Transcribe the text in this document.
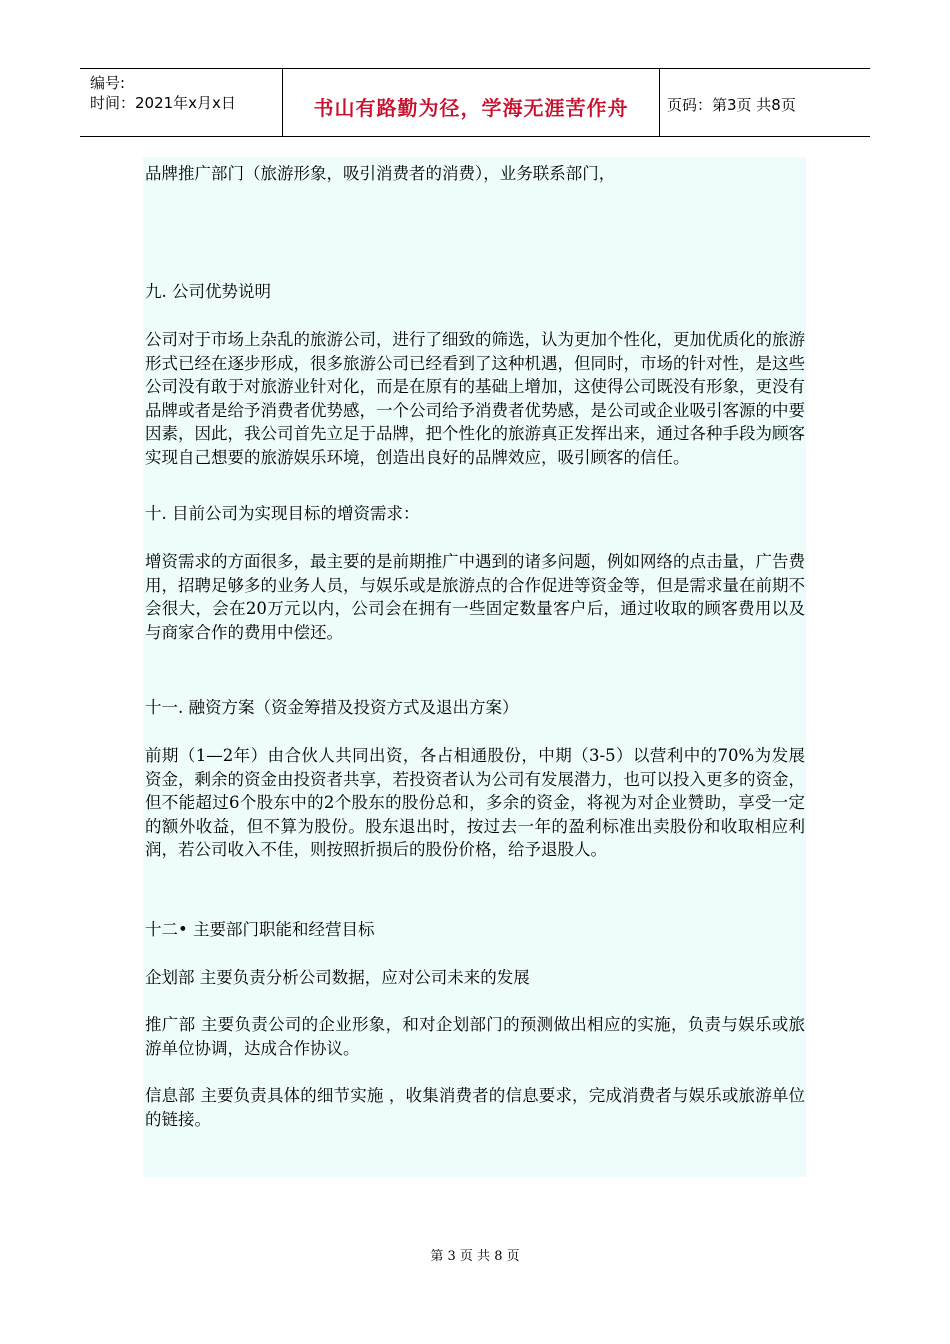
编号:
时间：2021年x月x日	书山有路勤为径，学海无涯苦作舟	页码：第3页 共8页

品牌推广部门（旅游形象，吸引消费者的消费），业务联系部门，

九. 公司优势说明

公司对于市场上杂乱的旅游公司，进行了细致的筛选，认为更加个性化，更加优质化的旅游形式已经在逐步形成，很多旅游公司已经看到了这种机遇，但同时，市场的针对性，是这些公司没有敢于对旅游业针对化，而是在原有的基础上增加，这使得公司既没有形象，更没有品牌或者是给予消费者优势感，一个公司给予消费者优势感，是公司或企业吸引客源的中要因素，因此，我公司首先立足于品牌，把个性化的旅游真正发挥出来，通过各种手段为顾客实现自己想要的旅游娱乐环境，创造出良好的品牌效应，吸引顾客的信任。

十. 目前公司为实现目标的增资需求：

增资需求的方面很多，最主要的是前期推广中遇到的诸多问题，例如网络的点击量，广告费用，招聘足够多的业务人员，与娱乐或是旅游点的合作促进等资金等，但是需求量在前期不会很大，会在20万元以内，公司会在拥有一些固定数量客户后，通过收取的顾客费用以及与商家合作的费用中偿还。

十一. 融资方案（资金筹措及投资方式及退出方案）

前期（1—2年）由合伙人共同出资，各占相通股份，中期（3-5）以营利中的70%为发展资金，剩余的资金由投资者共享，若投资者认为公司有发展潜力，也可以投入更多的资金，但不能超过6个股东中的2个股东的股份总和，多余的资金，将视为对企业赞助，享受一定的额外收益，但不算为股份。股东退出时，按过去一年的盈利标准出卖股份和收取相应利润，若公司收入不佳，则按照折损后的股份价格，给予退股人。

十二• 主要部门职能和经营目标

企划部 主要负责分析公司数据，应对公司未来的发展

推广部 主要负责公司的企业形象，和对企划部门的预测做出相应的实施，负责与娱乐或旅游单位协调，达成合作协议。

信息部 主要负责具体的细节实施 ，收集消费者的信息要求，完成消费者与娱乐或旅游单位的链接。

第 3 页 共 8 页
